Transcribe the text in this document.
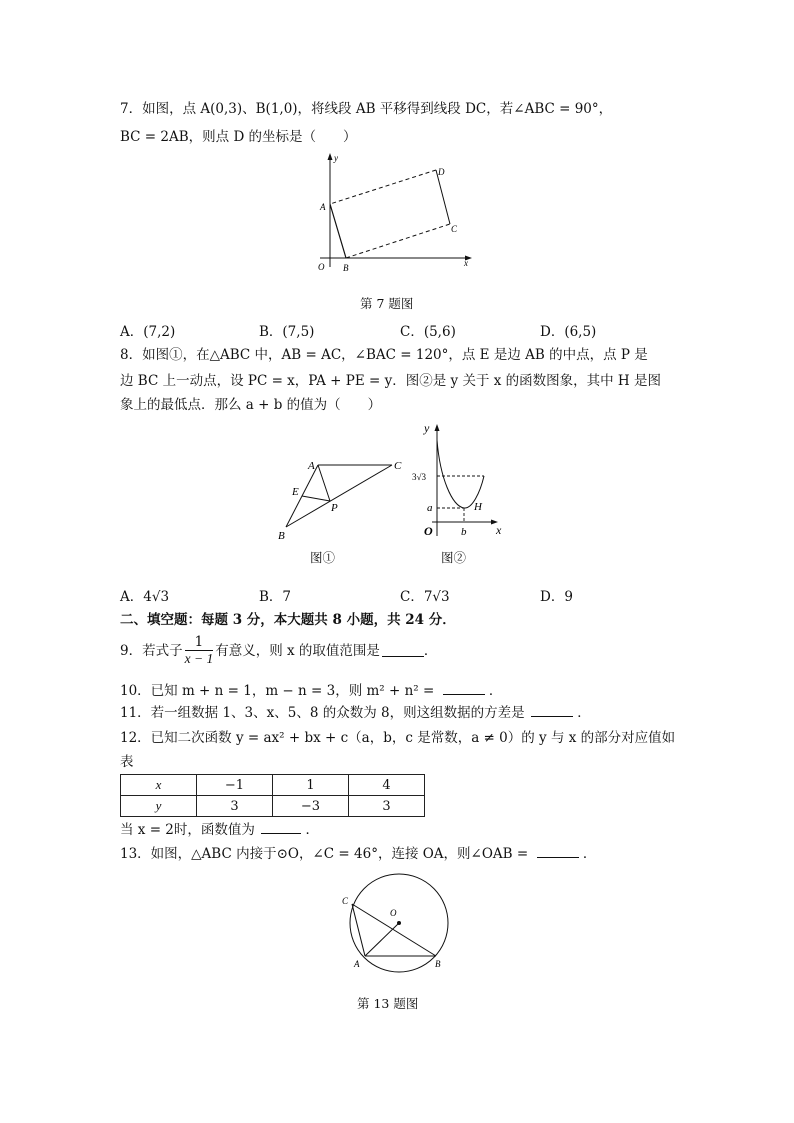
7．如图，点 A(0,3)、B(1,0)，将线段 AB 平移得到线段 DC，若∠ABC = 90°，
BC = 2AB，则点 D 的坐标是（　　）
y
x
O
A
B
C
D
第 7 题图
A．(7,2)	B．(7,5)	C．(5,6)	D．(6,5)
8．如图①，在△ABC 中，AB = AC，∠BAC = 120°，点 E 是边 AB 的中点，点 P 是
边 BC 上一动点，设 PC = x，PA + PE = y．图②是 y 关于 x 的函数图象，其中 H 是图
象上的最低点．那么 a + b 的值为（　　）
A	C
E
P
B
图①
y
x
O
3√3
a	H
b
图②
A．4√3	B．7	C．7√3	D．9
二、填空题：每题 3 分，本大题共 8 小题，共 24 分．
9．若式子 $\frac{1}{x - 1}$ 有意义，则 x 的取值范围是	．
10．已知 m + n = 1，m − n = 3，则 m² + n² =	．
11．若一组数据 1、3、x、5、8 的众数为 8，则这组数据的方差是	．
12．已知二次函数 y = ax² + bx + c（a，b，c 是常数，a ≠ 0）的 y 与 x 的部分对应值如
表
x	−1	1	4
y	3	−3	3
当 x = 2时，函数值为	．
13．如图，△ABC 内接于⊙O，∠C = 46°，连接 OA，则∠OAB =	．
C
O
A	B
第 13 题图
